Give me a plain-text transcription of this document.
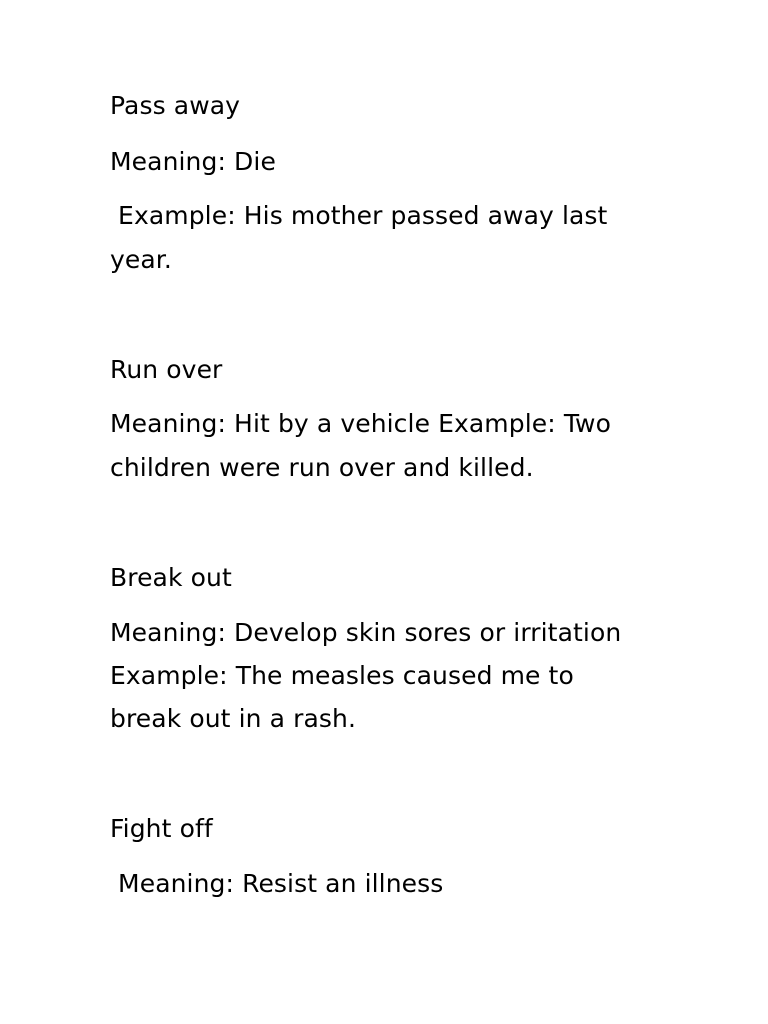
Pass away
Meaning: Die
Example: His mother passed away last
year.
Run over
Meaning: Hit by a vehicle Example: Two
children were run over and killed.
Break out
Meaning: Develop skin sores or irritation
Example: The measles caused me to
break out in a rash.
Fight off
Meaning: Resist an illness
